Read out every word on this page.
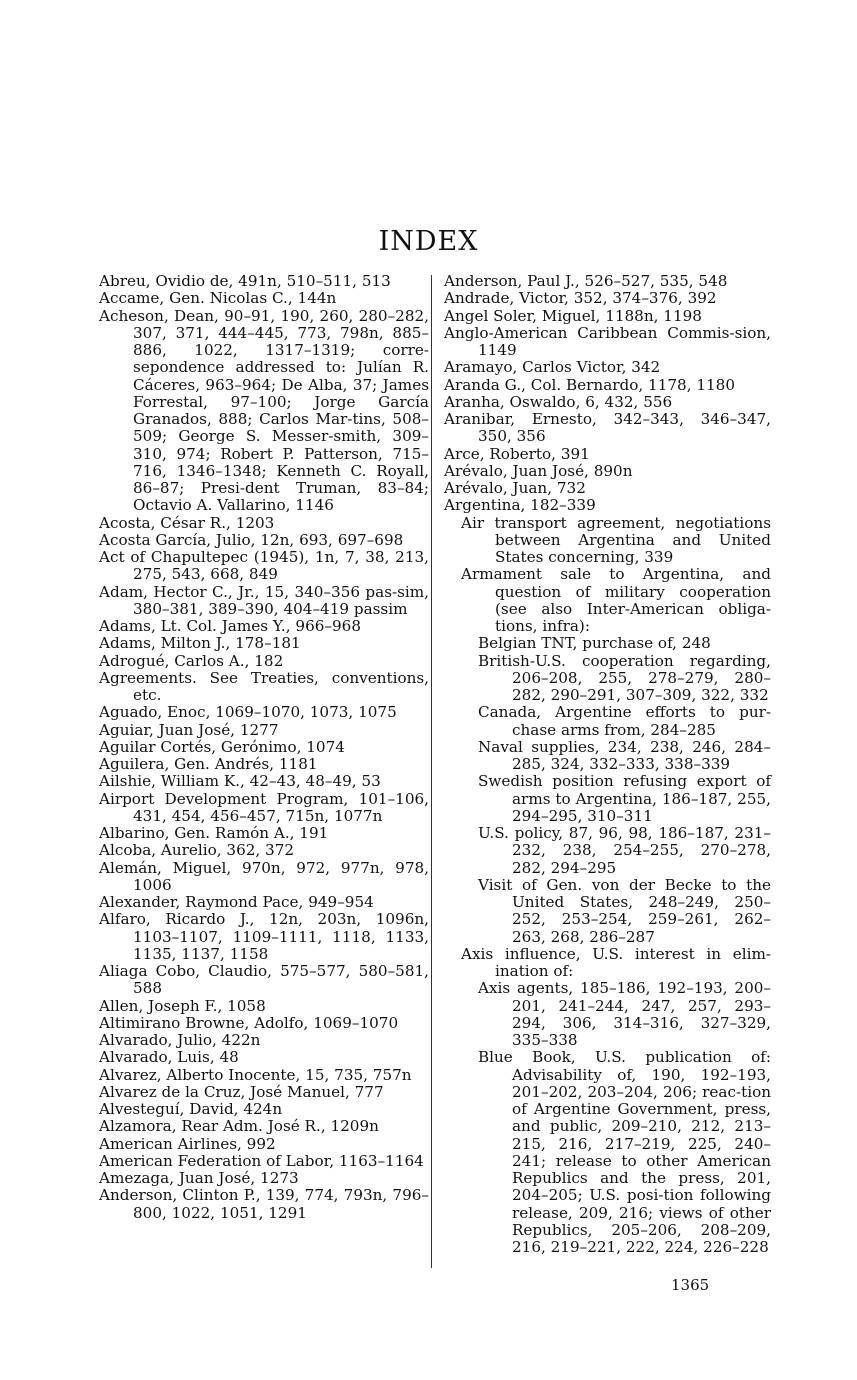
INDEX
Abreu, Ovidio de, 491n, 510–511, 513
Accame, Gen. Nicolas C., 144n
Acheson, Dean, 90–91, 190, 260, 280–282, 307, 371, 444–445, 773, 798n, 885–886, 1022, 1317–1319; corre-sepondence addressed to: Julían R. Cáceres, 963–964; De Alba, 37; James Forrestal, 97–100; Jorge García Granados, 888; Carlos Mar-tins, 508–509; George S. Messer-smith, 309–310, 974; Robert P. Patterson, 715–716, 1346–1348; Kenneth C. Royall, 86–87; Presi-dent Truman, 83–84; Octavio A. Vallarino, 1146
Acosta, César R., 1203
Acosta García, Julio, 12n, 693, 697–698
Act of Chapultepec (1945), 1n, 7, 38, 213, 275, 543, 668, 849
Adam, Hector C., Jr., 15, 340–356 pas-sim, 380–381, 389–390, 404–419 passim
Adams, Lt. Col. James Y., 966–968
Adams, Milton J., 178–181
Adrogué, Carlos A., 182
Agreements. See Treaties, conventions, etc.
Aguado, Enoc, 1069–1070, 1073, 1075
Aguiar, Juan José, 1277
Aguilar Cortés, Gerónimo, 1074
Aguilera, Gen. Andrés, 1181
Ailshie, William K., 42–43, 48–49, 53
Airport Development Program, 101–106, 431, 454, 456–457, 715n, 1077n
Albarino, Gen. Ramón A., 191
Alcoba, Aurelio, 362, 372
Alemán, Miguel, 970n, 972, 977n, 978, 1006
Alexander, Raymond Pace, 949–954
Alfaro, Ricardo J., 12n, 203n, 1096n, 1103–1107, 1109–1111, 1118, 1133, 1135, 1137, 1158
Aliaga Cobo, Claudio, 575–577, 580–581, 588
Allen, Joseph F., 1058
Altimirano Browne, Adolfo, 1069–1070
Alvarado, Julio, 422n
Alvarado, Luis, 48
Alvarez, Alberto Inocente, 15, 735, 757n
Alvarez de la Cruz, José Manuel, 777
Alvesteguí, David, 424n
Alzamora, Rear Adm. José R., 1209n
American Airlines, 992
American Federation of Labor, 1163–1164
Amezaga, Juan José, 1273
Anderson, Clinton P., 139, 774, 793n, 796–800, 1022, 1051, 1291
Anderson, Paul J., 526–527, 535, 548
Andrade, Victor, 352, 374–376, 392
Angel Soler, Miguel, 1188n, 1198
Anglo-American Caribbean Commis-sion, 1149
Aramayo, Carlos Victor, 342
Aranda G., Col. Bernardo, 1178, 1180
Aranha, Oswaldo, 6, 432, 556
Aranibar, Ernesto, 342–343, 346–347, 350, 356
Arce, Roberto, 391
Arévalo, Juan José, 890n
Arévalo, Juan, 732
Argentina, 182–339
Air transport agreement, negotiations between Argentina and United States concerning, 339
Armament sale to Argentina, and question of military cooperation (see also Inter-American obliga-tions, infra):
Belgian TNT, purchase of, 248
British-U.S. cooperation regarding, 206–208, 255, 278–279, 280–282, 290–291, 307–309, 322, 332
Canada, Argentine efforts to pur-chase arms from, 284–285
Naval supplies, 234, 238, 246, 284–285, 324, 332–333, 338–339
Swedish position refusing export of arms to Argentina, 186–187, 255, 294–295, 310–311
U.S. policy, 87, 96, 98, 186–187, 231–232, 238, 254–255, 270–278, 282, 294–295
Visit of Gen. von der Becke to the United States, 248–249, 250–252, 253–254, 259–261, 262–263, 268, 286–287
Axis influence, U.S. interest in elim-ination of:
Axis agents, 185–186, 192–193, 200–201, 241–244, 247, 257, 293–294, 306, 314–316, 327–329, 335–338
Blue Book, U.S. publication of: Advisability of, 190, 192–193, 201–202, 203–204, 206; reac-tion of Argentine Government, press, and public, 209–210, 212, 213–215, 216, 217–219, 225, 240–241; release to other American Republics and the press, 201, 204–205; U.S. posi-tion following release, 209, 216; views of other Republics, 205–206, 208–209, 216, 219–221, 222, 224, 226–228
1365
